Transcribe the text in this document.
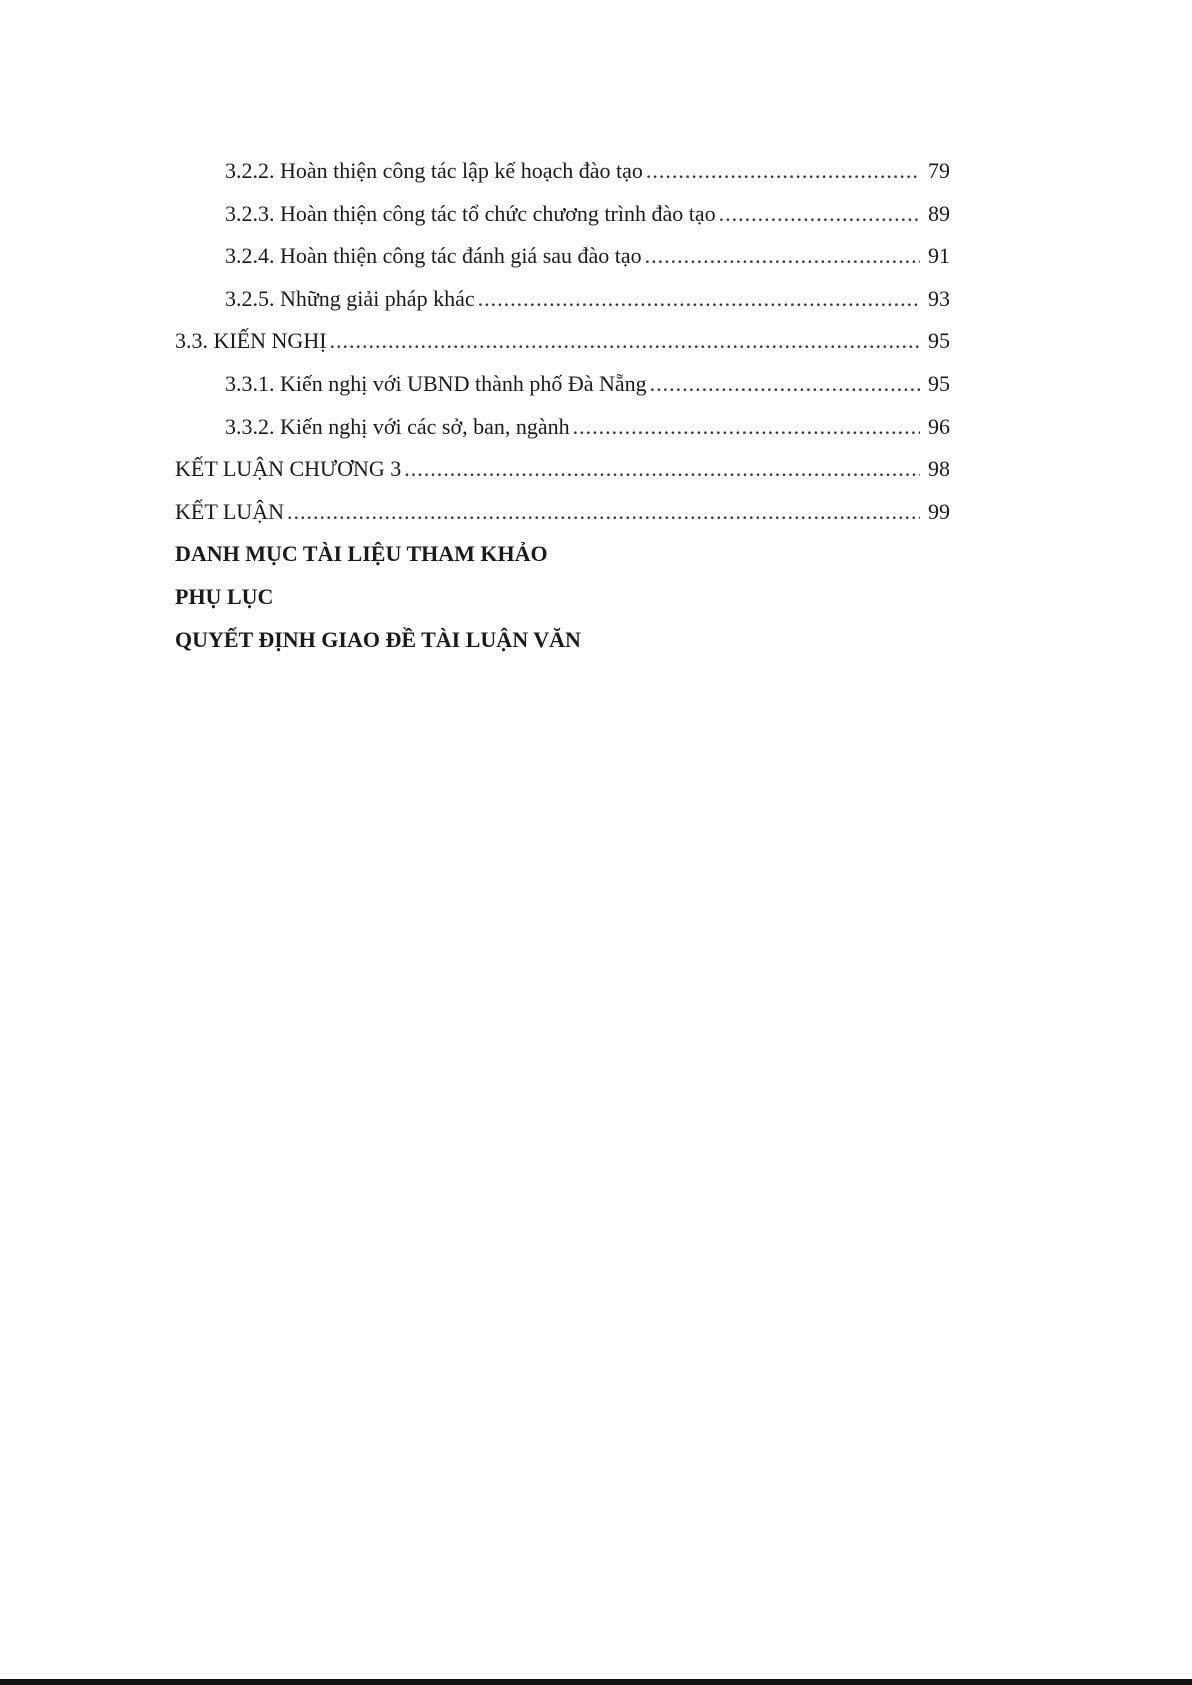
3.2.2. Hoàn thiện công tác lập kế hoạch đào tạo .....	79
3.2.3. Hoàn thiện công tác tổ chức chương trình đào tạo .....	89
3.2.4. Hoàn thiện công tác đánh giá sau đào tạo .....	91
3.2.5. Những giải pháp khác .....	93
3.3. KIẾN NGHỊ .....	95
3.3.1. Kiến nghị với UBND thành phố Đà Nẵng .....	95
3.3.2. Kiến nghị với các sở, ban, ngành .....	96
KẾT LUẬN CHƯƠNG 3 .....	98
KẾT LUẬN .....	99
DANH MỤC TÀI LIỆU THAM KHẢO
PHỤ LỤC
QUYẾT ĐỊNH GIAO ĐỀ TÀI LUẬN VĂN
